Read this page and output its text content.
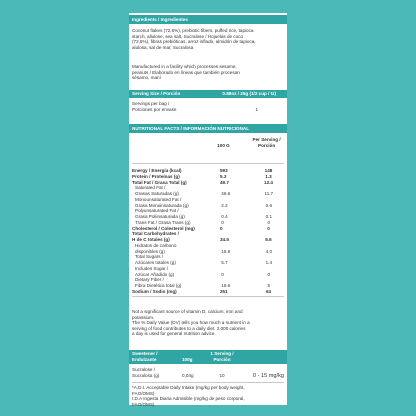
Ingredients / Ingredientes
Coconut flakes (72,6%), prebiotic fibers, puffed rice, tapioca
starch, allulose, sea salt, Sucralose / Hojuelas de coco
(72,6%), fibras prebióticas, arroz inflado, almidón de tapioca,
alulosa, sal de mar, Sucralosa
Manufactured in a facility which processes sesame,
peanuts / Elaborado en líneas que también procesan
sésamo, maní
Serving Size / Porción	0.88oz / 25g (1/2 cup / tz)
Servings per bag /
Porciones por envase	1
NUTRITIONAL FACTS / INFORMACIÓN NUTRICIONAL
100 G
Per Serving / Porción
Energy / Energía (kcal)	593	148
Protein / Proteínas (g)	5.3	1.3
Total Fat / Grasa Total (g)	49.7	12.4
Saturated Fat /
Grasas Saturadas (g)	46.6	11.7
Monounsaturated Fat /
Grasa Monoinsaturada (g)	2.2	0.6
Polyunsaturated Fat /
Grasa Poliinsaturada (g)	0.4	0.1
Trans Fat / Grasa Trans (g)	0	0
Cholesterol / Colesterol (mg)	0	0
Total Carbohydrates /
H de C totales (g)	34.5	8.6
Hidratos de carbono
disponibles (g)	15.9	4.0
Total Sugars /
Azúcares totales (g)	5.7	1.4
Includes Sugar /
Azúcar Añadido (g)	0	0
Dietary Fiber /
Fibra Dietética total (g)	18.6	5
Sodium / Sodio (mg)	251	63
Not a significant source of vitamin D, calcium, iron and
potassium.
The % Daily Value (DV) tells you how much a nutrient in a
serving of food contributes to a daily diet. 2,000 calories
a day is used for general nutrition advice.
Sweetener /
Endulzante	100g
1 Serving /
Porción
Sucralose /
Sucralosa (g)	0,04g	10	0 - 15 mg/kg
*A.D.I. Acceptable Daily Intake (mg/kg per body weight,
FAO/OMS)
I.D.A Ingesta Diaria Admisible (mg/kg de peso corporal,
FAO/OMS)
